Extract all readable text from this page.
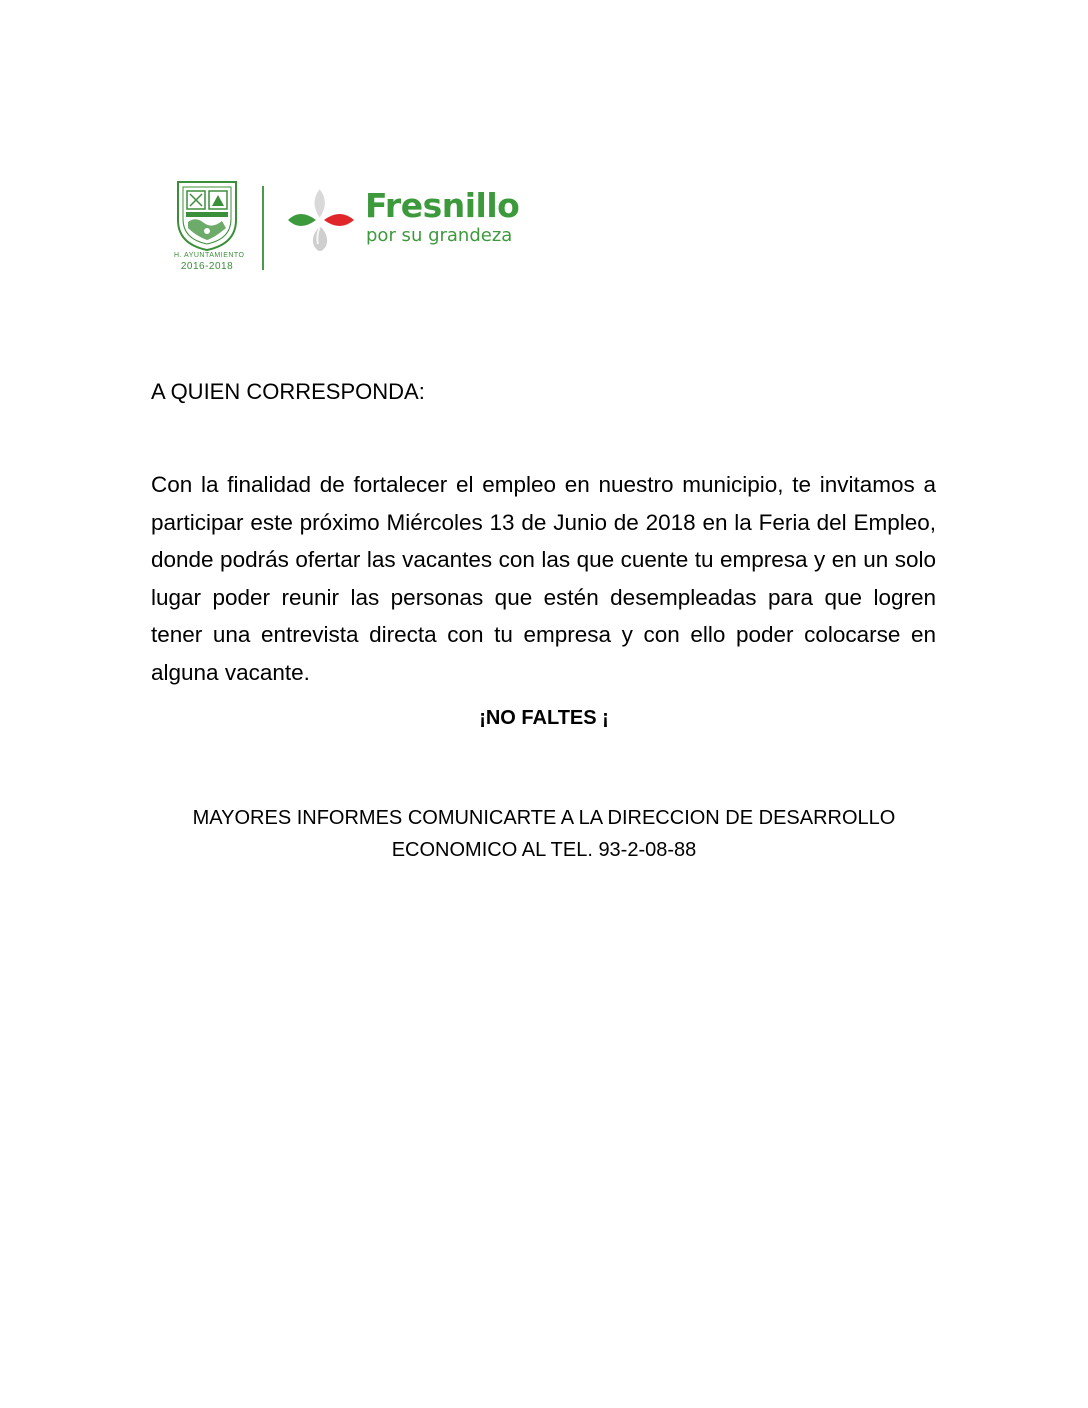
H. AYUNTAMIENTO
2016-2018
Fresnillo
por su grandeza
A QUIEN CORRESPONDA:

Con la finalidad de fortalecer el empleo en nuestro municipio, te invitamos a participar este próximo Miércoles 13 de Junio de 2018 en la Feria del Empleo, donde podrás ofertar las vacantes con las que cuente tu empresa y en un solo lugar poder reunir las personas que estén desempleadas para que logren tener una entrevista directa con tu empresa y con ello poder colocarse en alguna vacante.

¡NO FALTES ¡
MAYORES INFORMES COMUNICARTE A LA DIRECCION DE DESARROLLO
ECONOMICO AL TEL. 93-2-08-88
